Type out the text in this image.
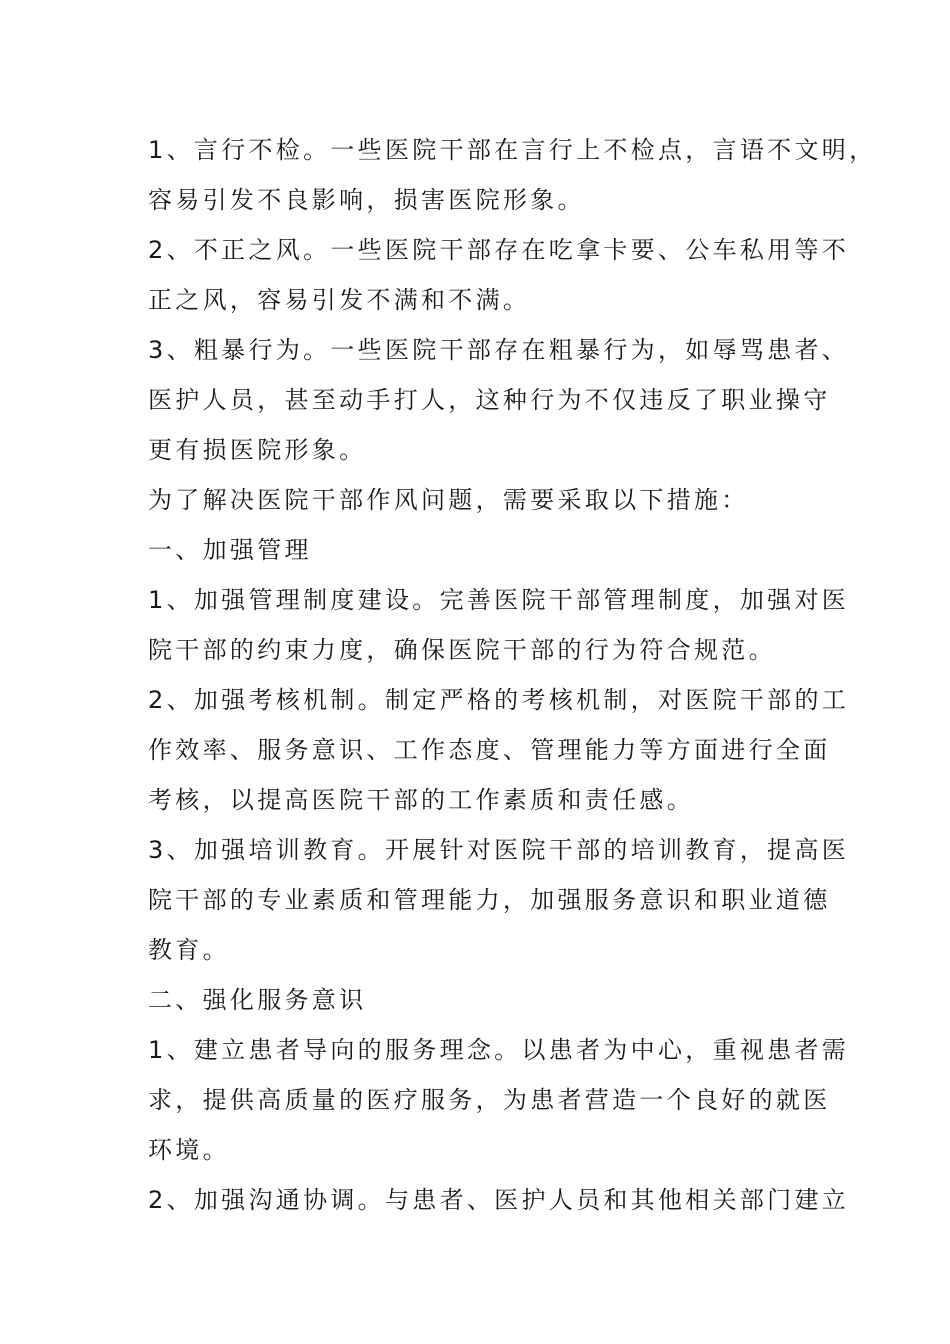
1、言行不检。一些医院干部在言行上不检点，言语不文明，
容易引发不良影响，损害医院形象。
2、不正之风。一些医院干部存在吃拿卡要、公车私用等不
正之风，容易引发不满和不满。
3、粗暴行为。一些医院干部存在粗暴行为，如辱骂患者、
医护人员，甚至动手打人，这种行为不仅违反了职业操守
更有损医院形象。
为了解决医院干部作风问题，需要采取以下措施：
一、加强管理
1、加强管理制度建设。完善医院干部管理制度，加强对医
院干部的约束力度，确保医院干部的行为符合规范。
2、加强考核机制。制定严格的考核机制，对医院干部的工
作效率、服务意识、工作态度、管理能力等方面进行全面
考核，以提高医院干部的工作素质和责任感。
3、加强培训教育。开展针对医院干部的培训教育，提高医
院干部的专业素质和管理能力，加强服务意识和职业道德
教育。
二、强化服务意识
1、建立患者导向的服务理念。以患者为中心，重视患者需
求，提供高质量的医疗服务，为患者营造一个良好的就医
环境。
2、加强沟通协调。与患者、医护人员和其他相关部门建立
